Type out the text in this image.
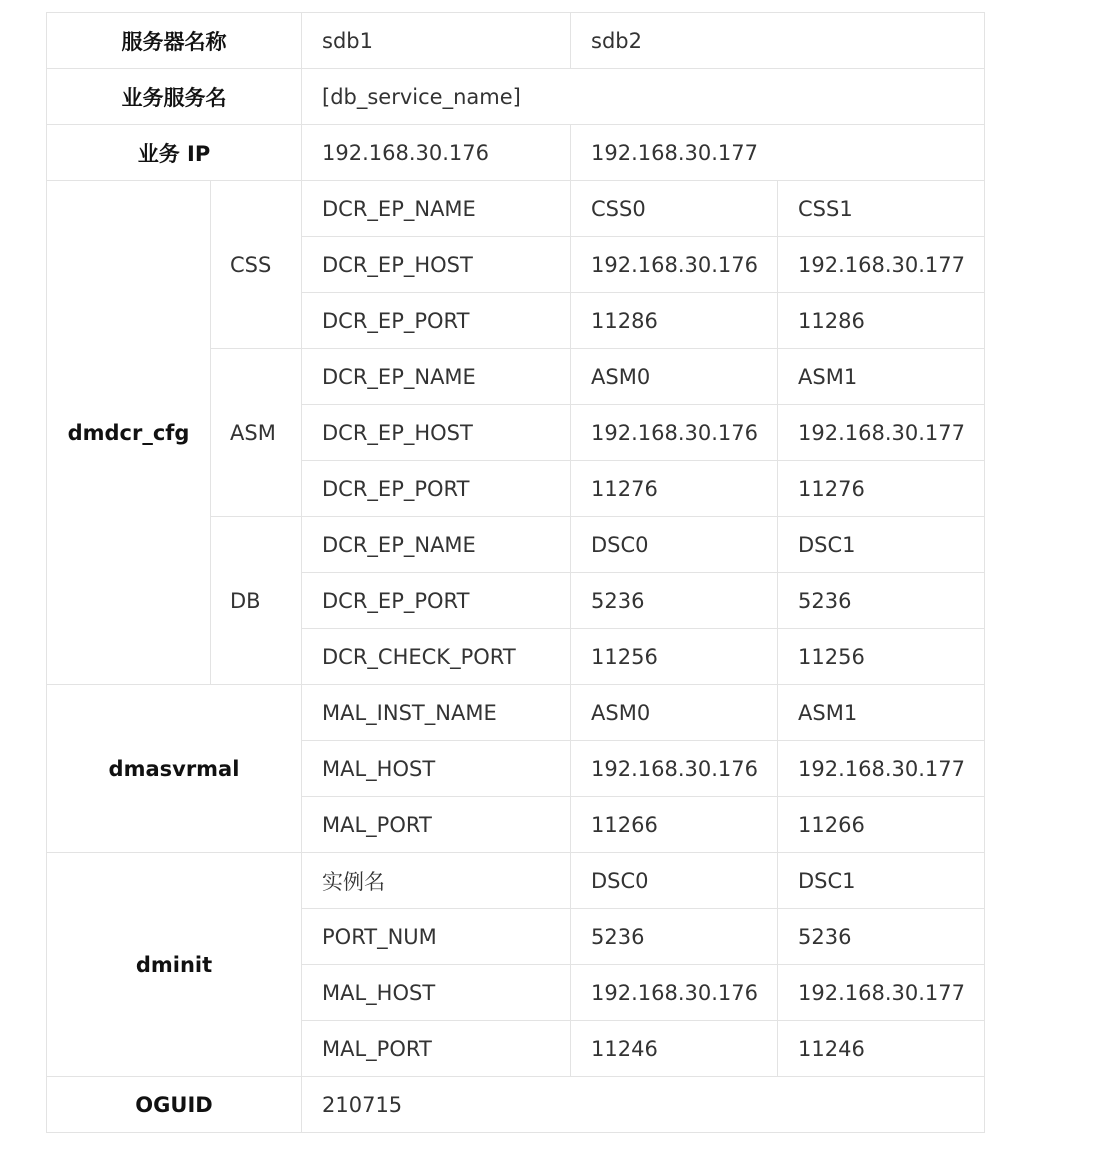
服务器名称		sdb1	sdb2	
业务服务名		[db_service_name]		
业务 IP		192.168.30.176	192.168.30.177	
dmdcr_cfg	CSS	DCR_EP_NAME	CSS0	CSS1
		DCR_EP_HOST	192.168.30.176	192.168.30.177
		DCR_EP_PORT	11286	11286
	ASM	DCR_EP_NAME	ASM0	ASM1
		DCR_EP_HOST	192.168.30.176	192.168.30.177
		DCR_EP_PORT	11276	11276
	DB	DCR_EP_NAME	DSC0	DSC1
		DCR_EP_PORT	5236	5236
		DCR_CHECK_PORT	11256	11256
dmasvrmal		MAL_INST_NAME	ASM0	ASM1
		MAL_HOST	192.168.30.176	192.168.30.177
		MAL_PORT	11266	11266
dminit		实例名	DSC0	DSC1
		PORT_NUM	5236	5236
		MAL_HOST	192.168.30.176	192.168.30.177
		MAL_PORT	11246	11246
OGUID		210715		
